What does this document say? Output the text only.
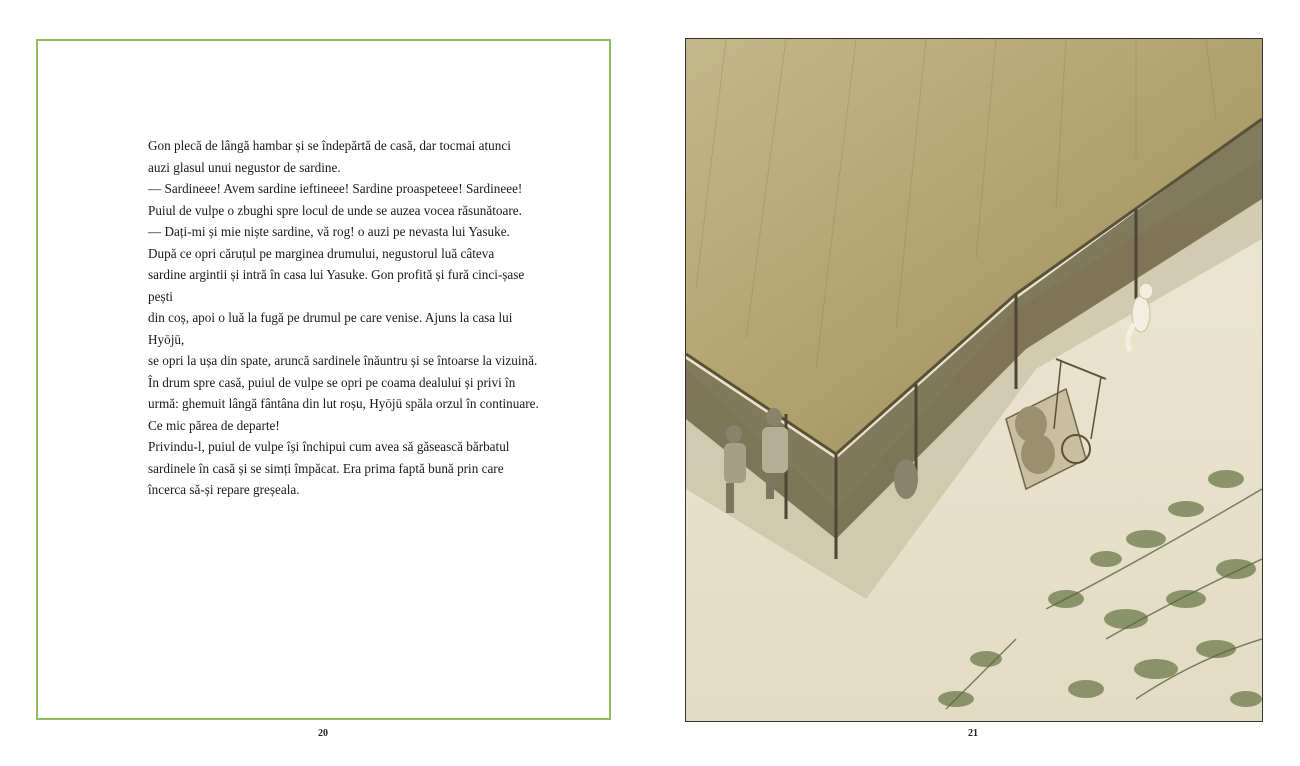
Gon plecă de lângă hambar și se îndepărtă de casă, dar tocmai atunci

auzi glasul unui negustor de sardine.

— Sardineee! Avem sardine ieftineee! Sardine proaspeteee! Sardineee!

Puiul de vulpe o zbughi spre locul de unde se auzea vocea răsunătoare.

— Dați-mi și mie niște sardine, vă rog! o auzi pe nevasta lui Yasuke.

După ce opri căruțul pe marginea drumului, negustorul luă câteva

sardine argintii și intră în casa lui Yasuke. Gon profită și fură cinci-șase pești

din coș, apoi o luă la fugă pe drumul pe care venise. Ajuns la casa lui Hyōjū,

se opri la ușa din spate, aruncă sardinele înăuntru și se întoarse la vizuină.

În drum spre casă, puiul de vulpe se opri pe coama dealului și privi în

urmă: ghemuit lângă fântâna din lut roșu, Hyōjū spăla orzul în continuare.

Ce mic părea de departe!

Privindu-l, puiul de vulpe își închipui cum avea să găsească bărbatul

sardinele în casă și se simți împăcat. Era prima faptă bună prin care

încerca să-și repare greșeala.

20	21
